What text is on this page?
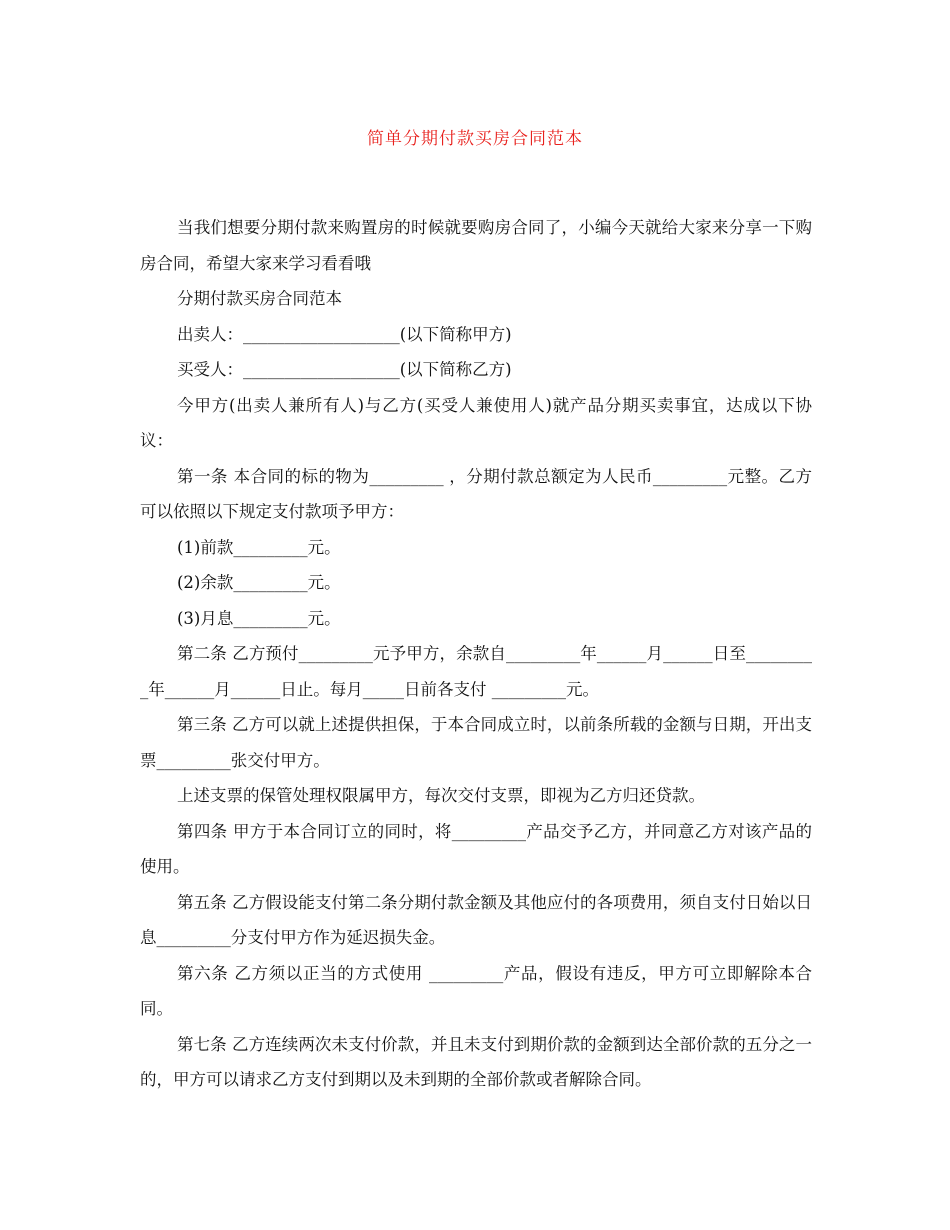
简单分期付款买房合同范本

当我们想要分期付款来购置房的时候就要购房合同了，小编今天就给大家来分享一下购房合同，希望大家来学习看看哦

分期付款买房合同范本

出卖人：___________________(以下简称甲方)

买受人：___________________(以下简称乙方)

今甲方(出卖人兼所有人)与乙方(买受人兼使用人)就产品分期买卖事宜，达成以下协议：

第一条 本合同的标的物为_________ ，分期付款总额定为人民币_________元整。乙方可以依照以下规定支付款项予甲方：

(1)前款_________元。

(2)余款_________元。

(3)月息_________元。

第二条 乙方预付_________元予甲方，余款自_________年______月______日至_________年______月______日止。每月_____日前各支付 _________元。

第三条 乙方可以就上述提供担保，于本合同成立时，以前条所载的金额与日期，开出支票_________张交付甲方。

上述支票的保管处理权限属甲方，每次交付支票，即视为乙方归还贷款。

第四条 甲方于本合同订立的同时，将_________产品交予乙方，并同意乙方对该产品的使用。

第五条 乙方假设能支付第二条分期付款金额及其他应付的各项费用，须自支付日始以日息_________分支付甲方作为延迟损失金。

第六条 乙方须以正当的方式使用 _________产品，假设有违反，甲方可立即解除本合同。

第七条 乙方连续两次未支付价款，并且未支付到期价款的金额到达全部价款的五分之一的，甲方可以请求乙方支付到期以及未到期的全部价款或者解除合同。
